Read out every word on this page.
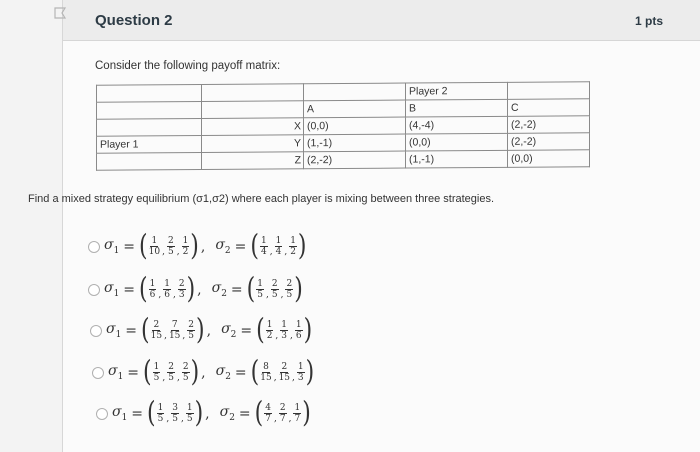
Question 2	1 pts
Consider the following payoff matrix:
			Player 2	
		A	B	C
	X	(0,0)	(4,-4)	(2,-2)
Player 1	Y	(1,-1)	(0,0)	(2,-2)
	Z	(2,-2)	(1,-1)	(0,0)
Find a mixed strategy equilibrium (σ1,σ2) where each player is mixing between three strategies.
$\sigma_1$ = ( $\frac{1}{10}$ , $\frac{2}{5}$ , $\frac{1}{2}$ ) , $\sigma_2$ = ( $\frac{1}{4}$ , $\frac{1}{4}$ , $\frac{1}{2}$ )
$\sigma_1$ = ( $\frac{1}{6}$ , $\frac{1}{6}$ , $\frac{2}{3}$ ) , $\sigma_2$ = ( $\frac{1}{5}$ , $\frac{2}{5}$ , $\frac{2}{5}$ )
$\sigma_1$ = ( $\frac{2}{15}$ , $\frac{7}{15}$ , $\frac{2}{5}$ ) , $\sigma_2$ = ( $\frac{1}{2}$ , $\frac{1}{3}$ , $\frac{1}{6}$ )
$\sigma_1$ = ( $\frac{1}{5}$ , $\frac{2}{5}$ , $\frac{2}{5}$ ) , $\sigma_2$ = ( $\frac{8}{15}$ , $\frac{2}{15}$ , $\frac{1}{3}$ )
$\sigma_1$ = ( $\frac{1}{5}$ , $\frac{3}{5}$ , $\frac{1}{5}$ ) , $\sigma_2$ = ( $\frac{4}{7}$ , $\frac{2}{7}$ , $\frac{1}{7}$ )
